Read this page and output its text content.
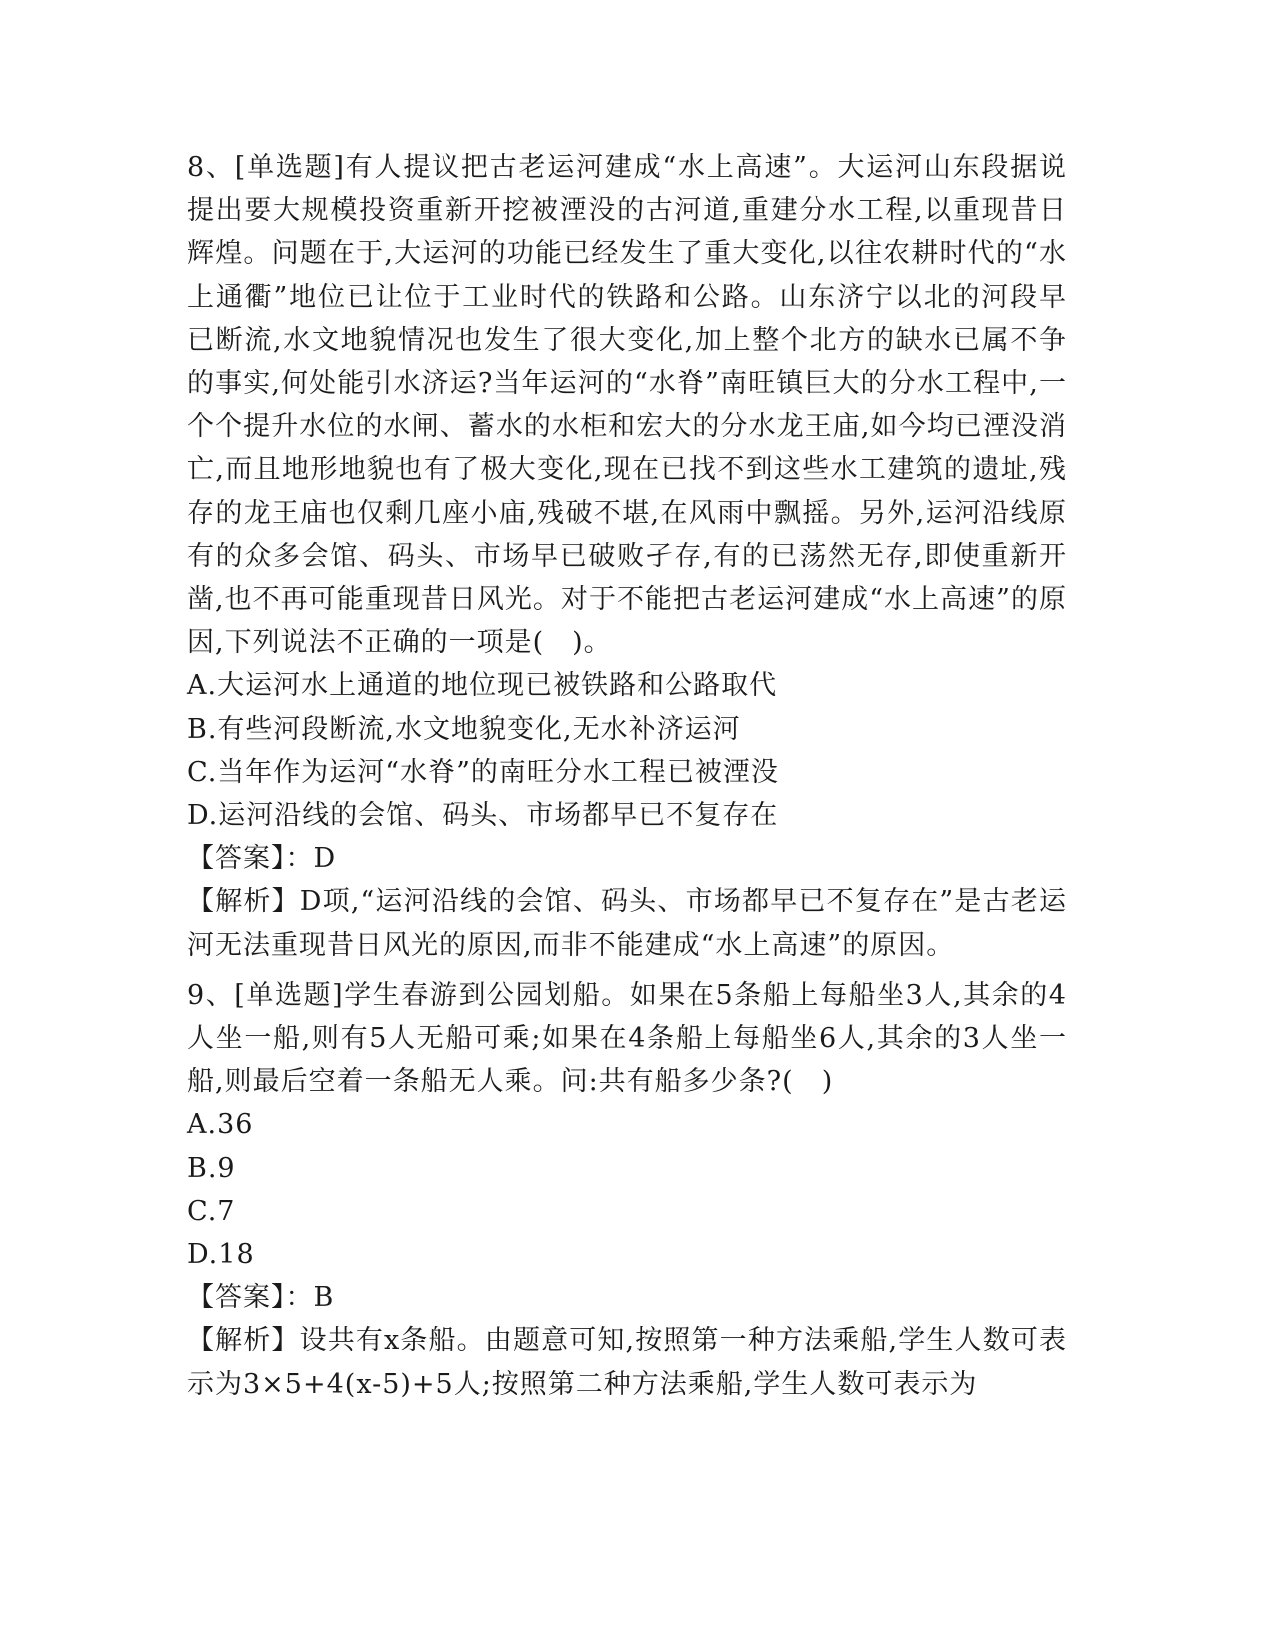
8、[单选题]有人提议把古老运河建成“水上高速”。大运河山东段据说提出要大规模投资重新开挖被湮没的古河道,重建分水工程,以重现昔日辉煌。问题在于,大运河的功能已经发生了重大变化,以往农耕时代的“水上通衢”地位已让位于工业时代的铁路和公路。山东济宁以北的河段早已断流,水文地貌情况也发生了很大变化,加上整个北方的缺水已属不争的事实,何处能引水济运?当年运河的“水脊”南旺镇巨大的分水工程中,一个个提升水位的水闸、蓄水的水柜和宏大的分水龙王庙,如今均已湮没消亡,而且地形地貌也有了极大变化,现在已找不到这些水工建筑的遗址,残存的龙王庙也仅剩几座小庙,残破不堪,在风雨中飘摇。另外,运河沿线原有的众多会馆、码头、市场早已破败孑存,有的已荡然无存,即使重新开凿,也不再可能重现昔日风光。对于不能把古老运河建成“水上高速”的原因,下列说法不正确的一项是(　)。

A.大运河水上通道的地位现已被铁路和公路取代

B.有些河段断流,水文地貌变化,无水补济运河

C.当年作为运河“水脊”的南旺分水工程已被湮没

D.运河沿线的会馆、码头、市场都早已不复存在

【答案】：D

【解析】D项,“运河沿线的会馆、码头、市场都早已不复存在”是古老运河无法重现昔日风光的原因,而非不能建成“水上高速”的原因。

9、[单选题]学生春游到公园划船。如果在5条船上每船坐3人,其余的4人坐一船,则有5人无船可乘;如果在4条船上每船坐6人,其余的3人坐一船,则最后空着一条船无人乘。问:共有船多少条?(　)

A.36

B.9

C.7

D.18

【答案】：B

【解析】设共有x条船。由题意可知,按照第一种方法乘船,学生人数可表示为3×5+4(x-5)+5人;按照第二种方法乘船,学生人数可表示为
